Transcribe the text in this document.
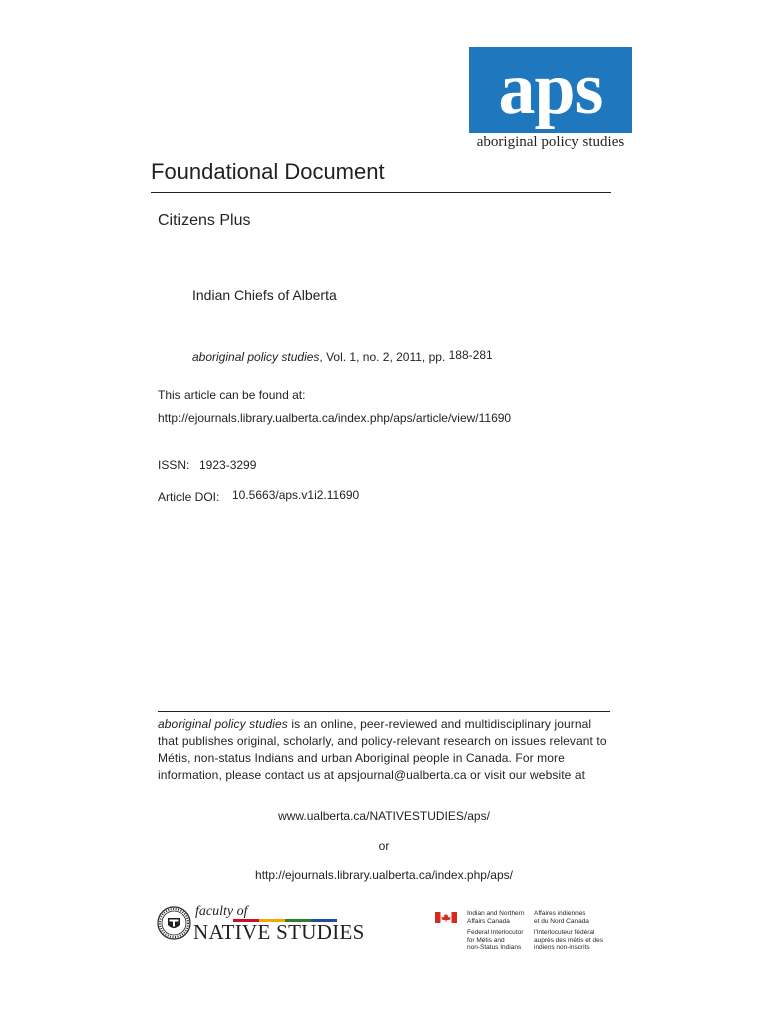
aps
aboriginal policy studies
Foundational Document
Citizens Plus
Indian Chiefs of Alberta
aboriginal policy studies, Vol. 1, no. 2, 2011, pp. 188-281
This article can be found at:
http://ejournals.library.ualberta.ca/index.php/aps/article/view/11690
ISSN: 1923-3299
Article DOI: 10.5663/aps.v1i2.11690
aboriginal policy studies is an online, peer-reviewed and multidisciplinary journal that publishes original, scholarly, and policy-relevant research on issues relevant to Métis, non-status Indians and urban Aboriginal people in Canada. For more information, please contact us at apsjournal@ualberta.ca or visit our website at
www.ualberta.ca/NATIVESTUDIES/aps/
or
http://ejournals.library.ualberta.ca/index.php/aps/
faculty of
NATIVE STUDIES
Indian and Northern
Affairs Canada
Affaires indiennes
et du Nord Canada
Federal Interlocutor
for Métis and
non-Status Indians
l'Interlocuteur fédéral
auprès des métis et des
indiens non-inscrits
